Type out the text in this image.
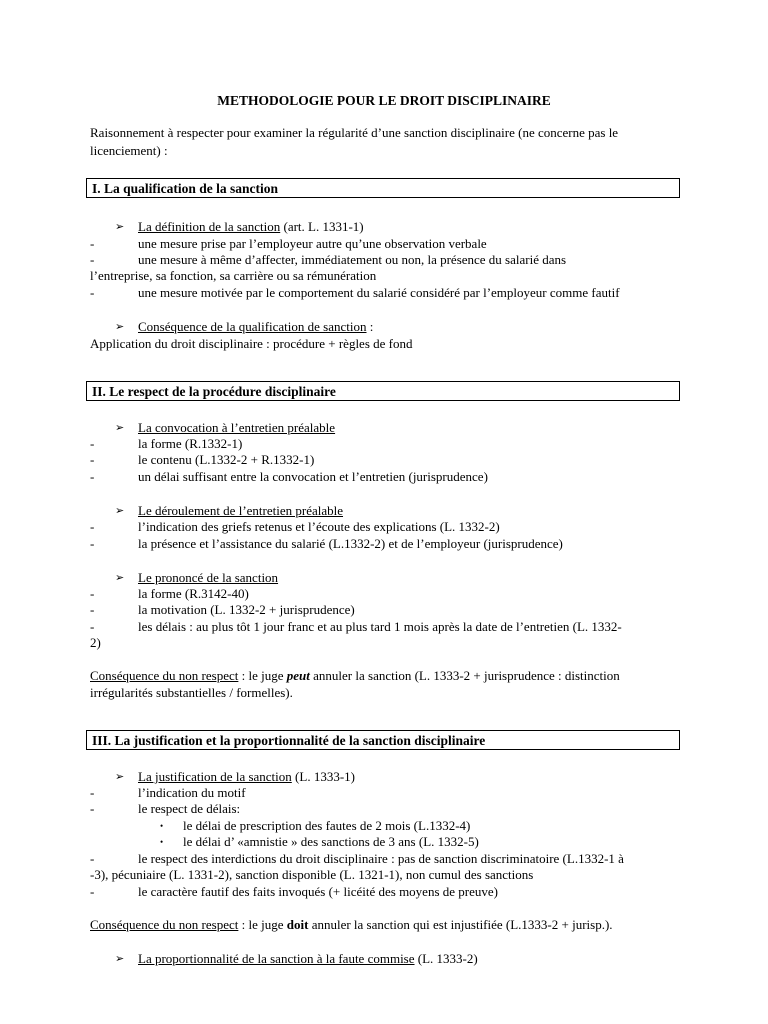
METHODOLOGIE POUR LE DROIT DISCIPLINAIRE
Raisonnement à respecter pour examiner la régularité d’une sanction disciplinaire (ne concerne pas le
licenciement) :
I. La qualification de la sanction
➢ La définition de la sanction (art. L. 1331-1)
-	une mesure prise par l’employeur autre qu’une observation verbale
-	une mesure à même d’affecter, immédiatement ou non, la présence du salarié dans
l’entreprise, sa fonction, sa carrière ou sa rémunération
-	une mesure motivée par le comportement du salarié considéré par l’employeur comme fautif
➢ Conséquence de la qualification de sanction :
Application du droit disciplinaire : procédure + règles de fond
II. Le respect de la procédure disciplinaire
➢ La convocation à l’entretien préalable
-	la forme (R.1332-1)
-	le contenu (L.1332-2 + R.1332-1)
-	un délai suffisant entre la convocation et l’entretien (jurisprudence)
➢ Le déroulement de l’entretien préalable
-	l’indication des griefs retenus et l’écoute des explications (L. 1332-2)
-	la présence et l’assistance du salarié (L.1332-2) et de l’employeur (jurisprudence)
➢ Le prononcé de la sanction
-	la forme (R.3142-40)
-	la motivation (L. 1332-2 + jurisprudence)
-	les délais : au plus tôt 1 jour franc et au plus tard 1 mois après la date de l’entretien (L. 1332-
2)
Conséquence du non respect : le juge peut annuler la sanction (L. 1333-2 + jurisprudence : distinction
irrégularités substantielles / formelles).
III. La justification et la proportionnalité de la sanction disciplinaire
➢ La justification de la sanction (L. 1333-1)
-	l’indication du motif
-	le respect de délais:
• le délai de prescription des fautes de 2 mois (L.1332-4)
• le délai d’ «amnistie » des sanctions de 3 ans (L. 1332-5)
-	le respect des interdictions du droit disciplinaire : pas de sanction discriminatoire (L.1332-1 à
-3), pécuniaire (L. 1331-2), sanction disponible (L. 1321-1), non cumul des sanctions
-	le caractère fautif des faits invoqués (+ licéité des moyens de preuve)
Conséquence du non respect : le juge doit annuler la sanction qui est injustifiée (L.1333-2 + jurisp.).
➢ La proportionnalité de la sanction à la faute commise (L. 1333-2)
